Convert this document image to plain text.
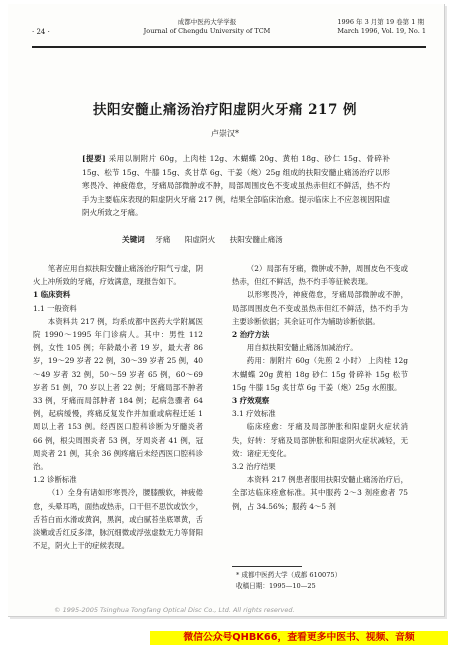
· 24 ·
成都中医药大学学报
Journal of Chengdu University of TCM
1996 年 3 月第 19 卷第 1 期
March 1996, Vol. 19, No. 1
扶阳安髓止痛汤治疗阳虚阴火牙痛 217 例
卢崇汉*
[提要] 采用以制附片 60g，上肉桂 12g、木蝴蝶 20g、黄柏 18g、砂仁 15g、骨碎补 15g、松节 15g、牛膝 15g、炙甘草 6g、干姜（炮）25g 组成的扶阳安髓止痛汤治疗以形寒畏冷、神疲倦怠，牙痛局部微肿或不肿，局部周围皮色不变或虽热赤但红不鲜活，热不灼手为主要临床表现的阳虚阴火牙痛 217 例，结果全部临床治愈。提示临床上不应忽视因阳虚阴火所致之牙痛。
关键词 牙痛 阳虚阴火 扶阳安髓止痛汤

笔者应用自拟扶阳安髓止痛汤治疗阳气亏虚，阴火上冲所致的牙痛，疗效满意，现报告如下。

1 临床资料

1.1 一般资料

本资料共 217 例，均系成都中医药大学附属医院 1990～1995 年门诊病人。其中：男性 112 例，女性 105 例；年龄最小者 19 岁，最大者 86 岁，19～29 岁者 22 例，30～39 岁者 25 例，40～49 岁者 32 例，50～59 岁者 65 例，60～69 岁者 51 例，70 岁以上者 22 例；牙痛局部不肿者 33 例，牙痛而局部肿者 184 例；起病急骤者 64 例，起病缓慢，疼痛反复发作并加重或病程迁延 1 周以上者 153 例。经西医口腔科诊断为牙髓炎者 66 例，根尖周围炎者 53 例，牙周炎者 41 例，冠周炎者 21 例，其余 36 例疼痛后未经西医口腔科诊治。

1.2 诊断标准

（1）全身有诸如形寒畏冷，腰膝酸软，神疲倦怠，头晕耳鸣，面热或热赤，口干但不思饮或饮少，舌苔白而水滑或黄润，黑润，或白腻苔坐底罩黄，舌淡嫩或舌红反多津，脉沉细微或浮弦虚数无力等肾阳不足，阴火上干的症候表现。

（2）局部有牙痛，微肿或不肿，周围皮色不变或热赤，但红不鲜活，热不灼手等征候表现。

以形寒畏冷，神疲倦怠，牙痛局部微肿或不肿，局部周围皮色不变或虽热赤但红不鲜活，热不灼手为主要诊断依据；其余证可作为辅助诊断依据。

2 治疗方法

用自拟扶阳安髓止痛汤加减治疗。

药用：制附片 60g（先煎 2 小时） 上肉桂 12g 木蝴蝶 20g 黄柏 18g 砂仁 15g 骨碎补 15g 松节 15g 牛膝 15g 炙甘草 6g 干姜（炮）25g 水煎服。

3 疗效观察

3.1 疗效标准

临床痊愈：牙痛及局部肿胀和阳虚阴火症状消失，好转：牙痛及局部肿胀和阳虚阴火症状减轻，无效：诸症无变化。

3.2 治疗结果

本资料 217 例患者服用扶阳安髓止痛汤治疗后，全部达临床痊愈标准。其中服药 2～3 剂痊愈者 75 例，占 34.56%；服药 4～5 剂

* 成都中医药大学（成都 610075）
收稿日期：1995—10—25
© 1995-2005 Tsinghua Tongfang Optical Disc Co., Ltd. All rights reserved.
微信公众号QHBK66，查看更多中医书、视频、音频
